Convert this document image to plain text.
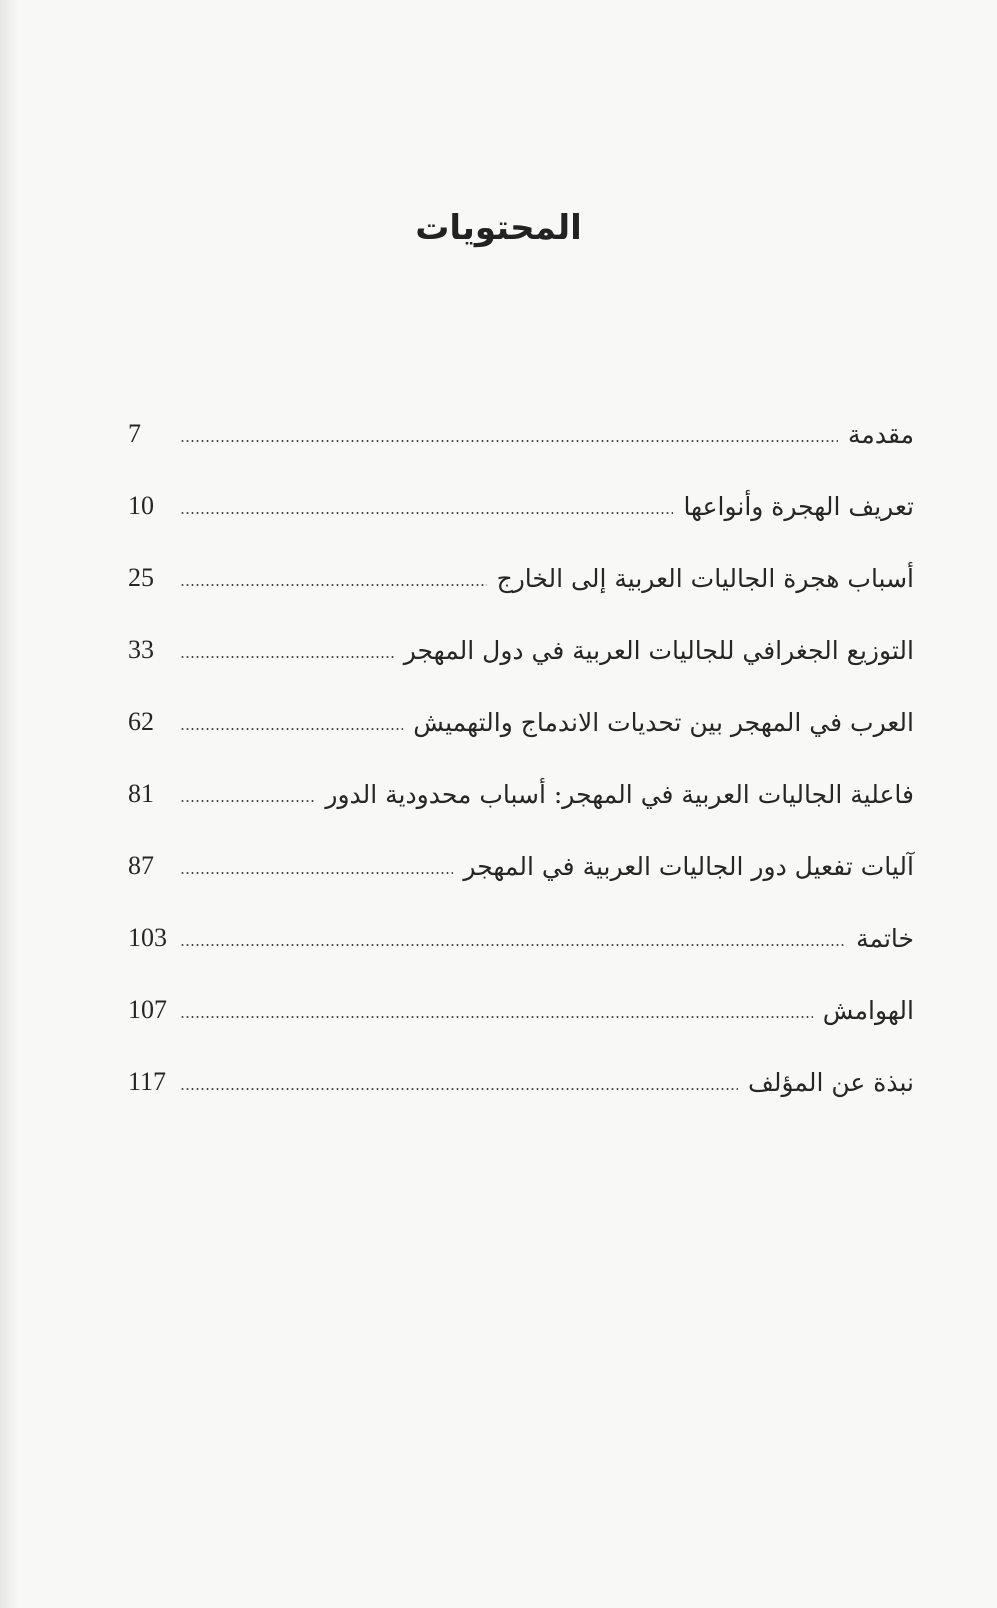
المحتويات
مقدمة
7
تعريف الهجرة وأنواعها
10
أسباب هجرة الجاليات العربية إلى الخارج
25
التوزيع الجغرافي للجاليات العربية في دول المهجر
33
العرب في المهجر بين تحديات الاندماج والتهميش
62
فاعلية الجاليات العربية في المهجر: أسباب محدودية الدور
81
آليات تفعيل دور الجاليات العربية في المهجر
87
خاتمة
103
الهوامش
107
نبذة عن المؤلف
117
